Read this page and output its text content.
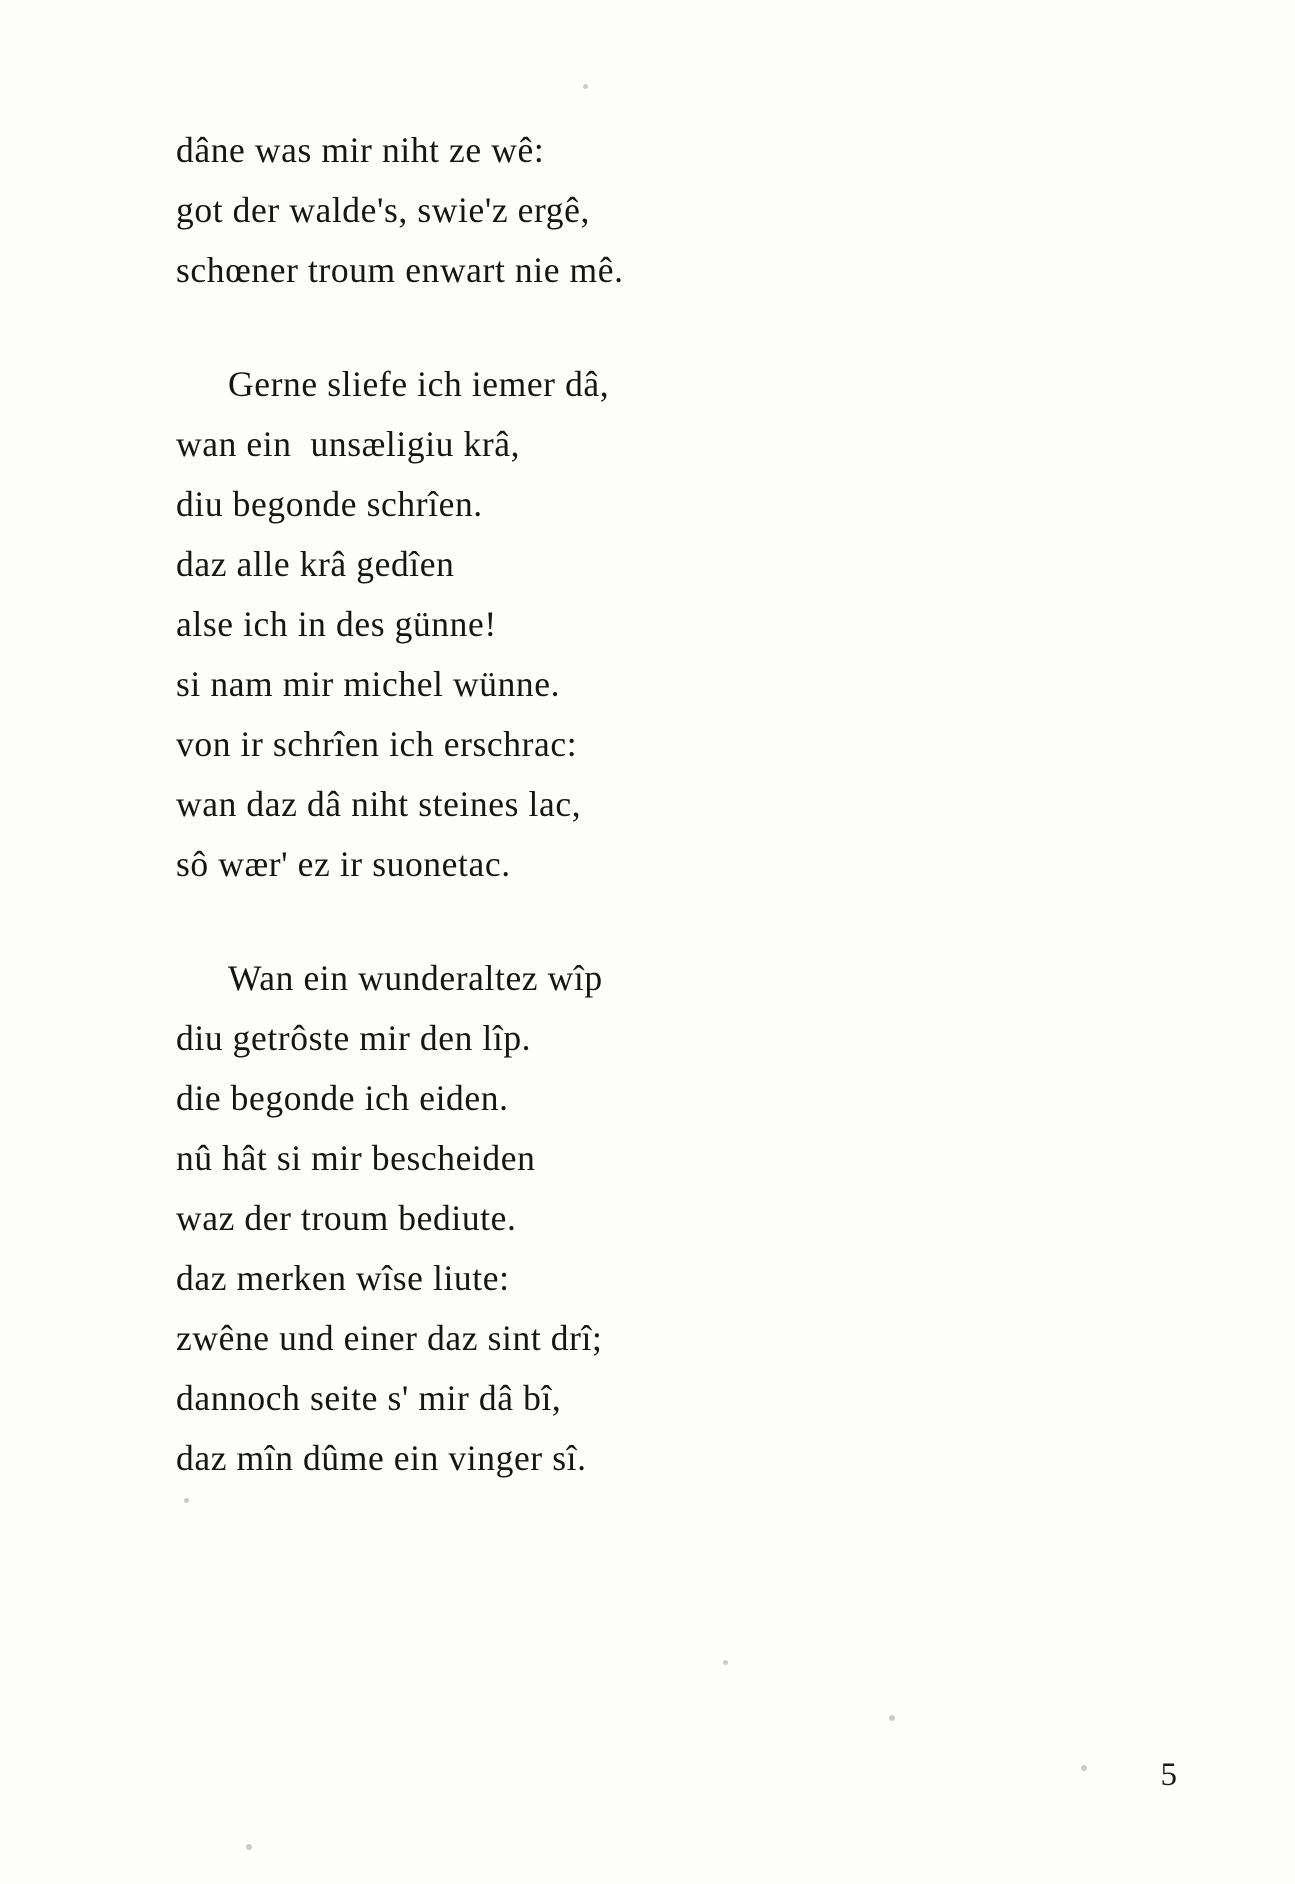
dâne was mir niht ze wê:
got der walde's, swie'z ergê,
schœner troum enwart nie mê.
Gerne sliefe ich iemer dâ,
wan ein  unsæligiu krâ,
diu begonde schrîen.
daz alle krâ gedîen
alse ich in des günne!
si nam mir michel wünne.
von ir schrîen ich erschrac:
wan daz dâ niht steines lac,
sô wær' ez ir suonetac.
Wan ein wunderaltez wîp
diu getrôste mir den lîp.
die begonde ich eiden.
nû hât si mir bescheiden
waz der troum bediute.
daz merken wîse liute:
zwêne und einer daz sint drî;
dannoch seite s' mir dâ bî,
daz mîn dûme ein vinger sî.
5
